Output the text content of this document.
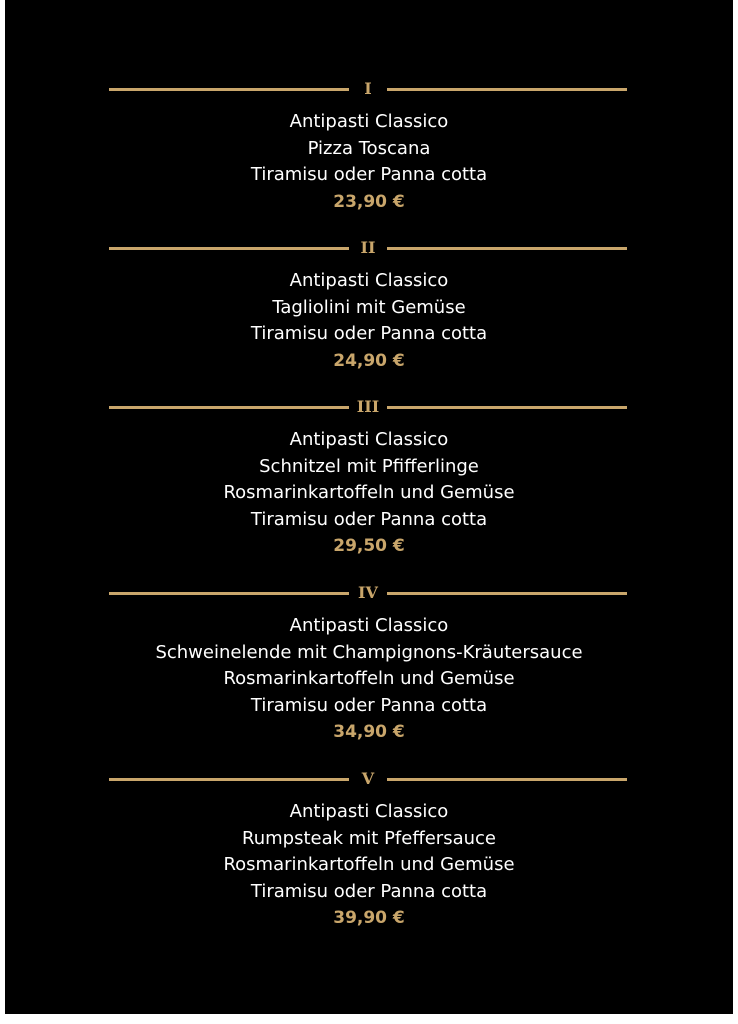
I
Antipasti Classico
Pizza Toscana
Tiramisu oder Panna cotta
23,90 €
II
Antipasti Classico
Tagliolini mit Gemüse
Tiramisu oder Panna cotta
24,90 €
III
Antipasti Classico
Schnitzel mit Pfifferlinge
Rosmarinkartoffeln und Gemüse
Tiramisu oder Panna cotta
29,50 €
IV
Antipasti Classico
Schweinelende mit Champignons-Kräutersauce
Rosmarinkartoffeln und Gemüse
Tiramisu oder Panna cotta
34,90 €
V
Antipasti Classico
Rumpsteak mit Pfeffersauce
Rosmarinkartoffeln und Gemüse
Tiramisu oder Panna cotta
39,90 €
